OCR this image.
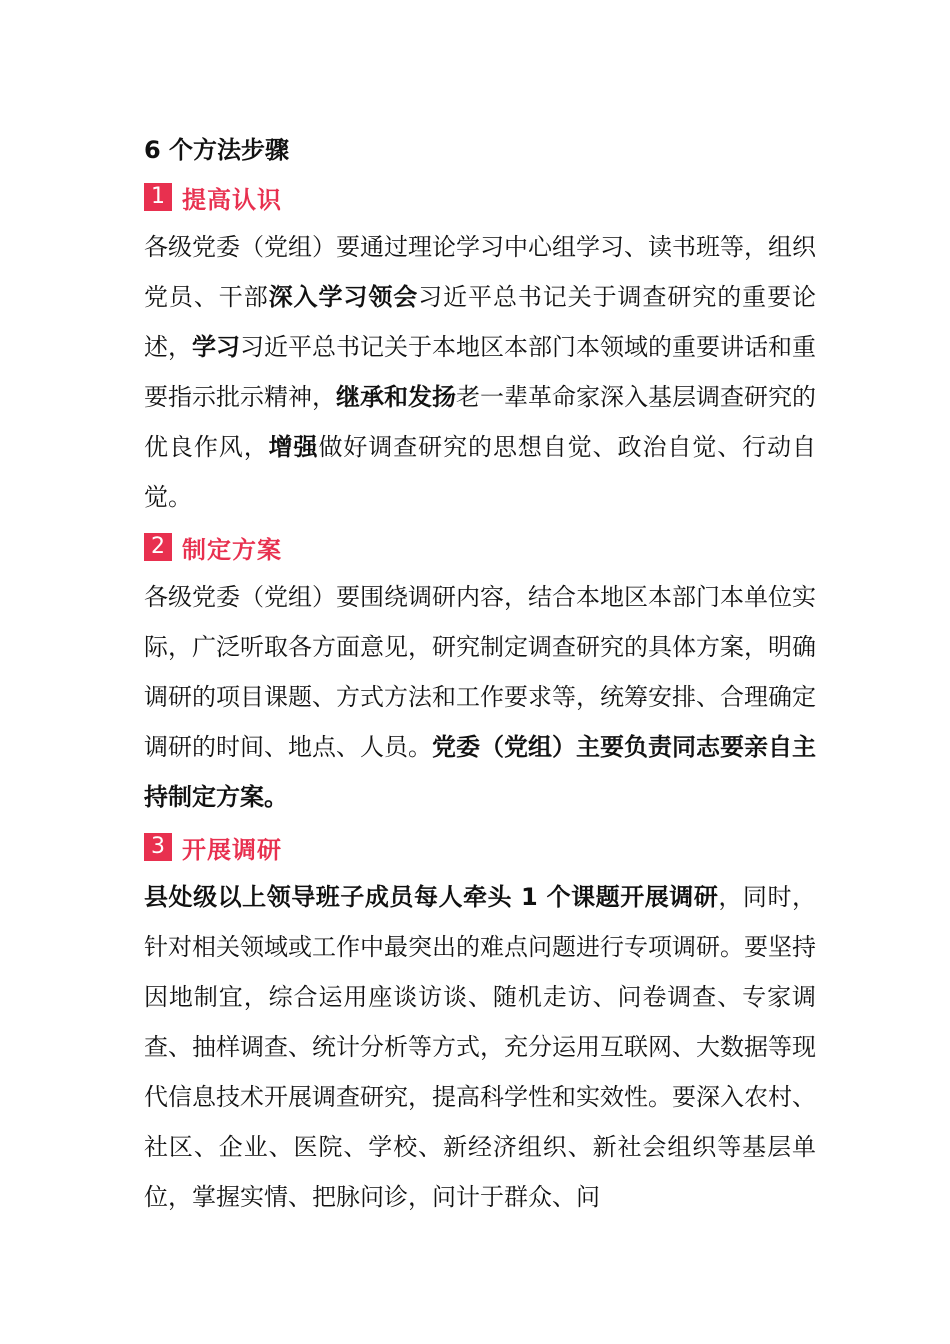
6 个方法步骤
1 提高认识

各级党委（党组）要通过理论学习中心组学习、读书班等，组织党员、干部深入学习领会习近平总书记关于调查研究的重要论述，学习习近平总书记关于本地区本部门本领域的重要讲话和重要指示批示精神，继承和发扬老一辈革命家深入基层调查研究的优良作风，增强做好调查研究的思想自觉、政治自觉、行动自觉。

2 制定方案

各级党委（党组）要围绕调研内容，结合本地区本部门本单位实际，广泛听取各方面意见，研究制定调查研究的具体方案，明确调研的项目课题、方式方法和工作要求等，统筹安排、合理确定调研的时间、地点、人员。党委（党组）主要负责同志要亲自主持制定方案。

3 开展调研

县处级以上领导班子成员每人牵头 1 个课题开展调研，同时，针对相关领域或工作中最突出的难点问题进行专项调研。要坚持因地制宜，综合运用座谈访谈、随机走访、问卷调查、专家调查、抽样调查、统计分析等方式，充分运用互联网、大数据等现代信息技术开展调查研究，提高科学性和实效性。要深入农村、社区、企业、医院、学校、新经济组织、新社会组织等基层单位，掌握实情、把脉问诊，问计于群众、问
